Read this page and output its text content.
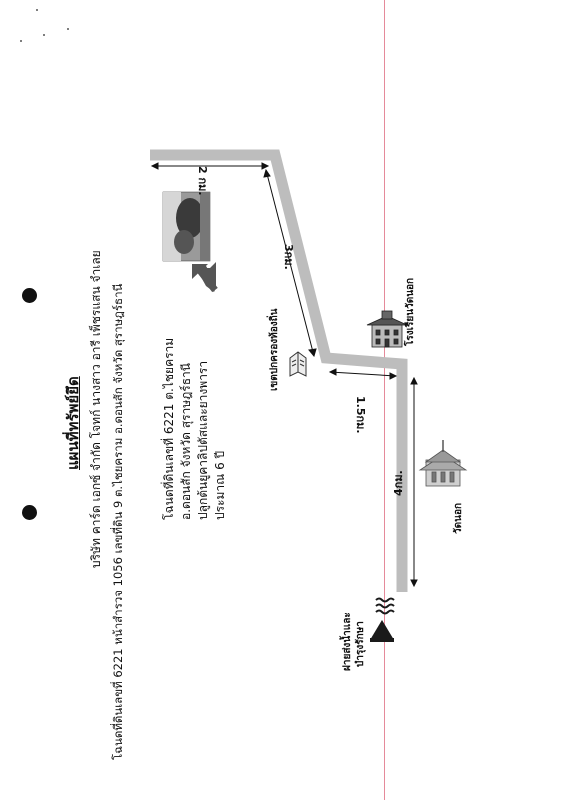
แผนที่ทรัพย์ยึด บริษัท คาร์ด เอกซ์ จำกัด โจทก์ นางสาว อารี เพ็ชรแสน จำเลย โฉนดที่ดินเลขที่ 6221 หน้าสำรวจ 1056 เลขที่ดิน 9 ต.ไชยคราม อ.ดอนสัก จังหวัด สุราษฎร์ธานี	โฉนดที่ดินเลขที่ 6221 ต.ไชยคราม อ.ดอนสัก จังหวัด สุราษฎร์ธานี ปลูกต้นยูคาลิปตัสและยางพารา ประมาณ 6 ปี
2 กม.
3กม.
1.5กม.
4กม.
เขตปกครองท้องถิ่น	โรงเรียนวัดนอก
วัดนอก
ฝายส่งน้ำและ บำรุงรักษา
